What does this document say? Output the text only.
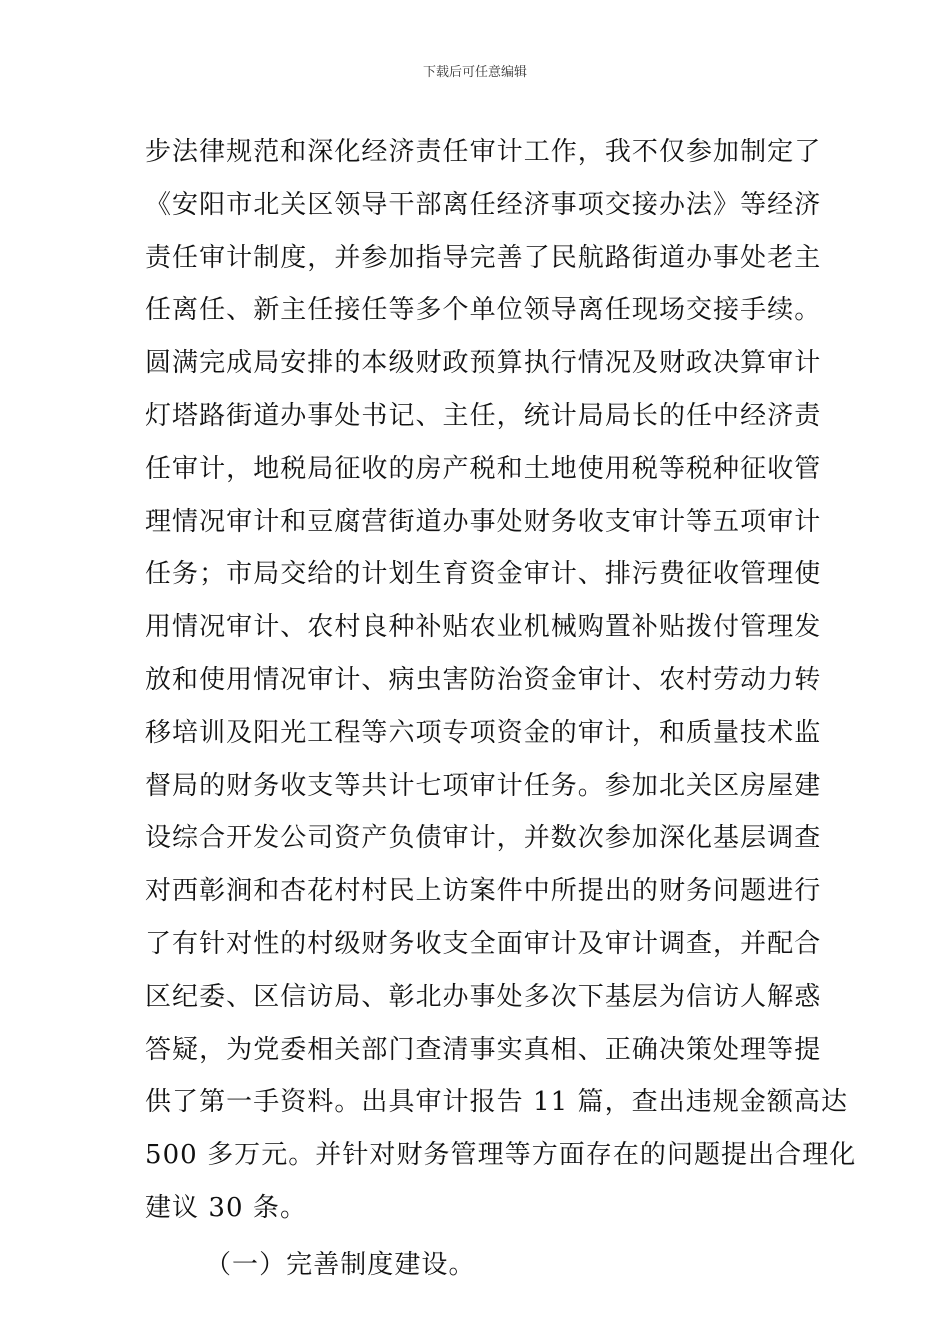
下载后可任意编辑
步法律规范和深化经济责任审计工作，我不仅参加制定了
《安阳市北关区领导干部离任经济事项交接办法》等经济
责任审计制度，并参加指导完善了民航路街道办事处老主
任离任、新主任接任等多个单位领导离任现场交接手续。
圆满完成局安排的本级财政预算执行情况及财政决算审计
灯塔路街道办事处书记、主任，统计局局长的任中经济责
任审计，地税局征收的房产税和土地使用税等税种征收管
理情况审计和豆腐营街道办事处财务收支审计等五项审计
任务；市局交给的计划生育资金审计、排污费征收管理使
用情况审计、农村良种补贴农业机械购置补贴拨付管理发
放和使用情况审计、病虫害防治资金审计、农村劳动力转
移培训及阳光工程等六项专项资金的审计，和质量技术监
督局的财务收支等共计七项审计任务。参加北关区房屋建
设综合开发公司资产负债审计，并数次参加深化基层调查
对西彰涧和杏花村村民上访案件中所提出的财务问题进行
了有针对性的村级财务收支全面审计及审计调查，并配合
区纪委、区信访局、彰北办事处多次下基层为信访人解惑
答疑，为党委相关部门查清事实真相、正确决策处理等提
供了第一手资料。出具审计报告 11 篇，查出违规金额高达
500 多万元。并针对财务管理等方面存在的问题提出合理化
建议 30 条。
（一）完善制度建设。
